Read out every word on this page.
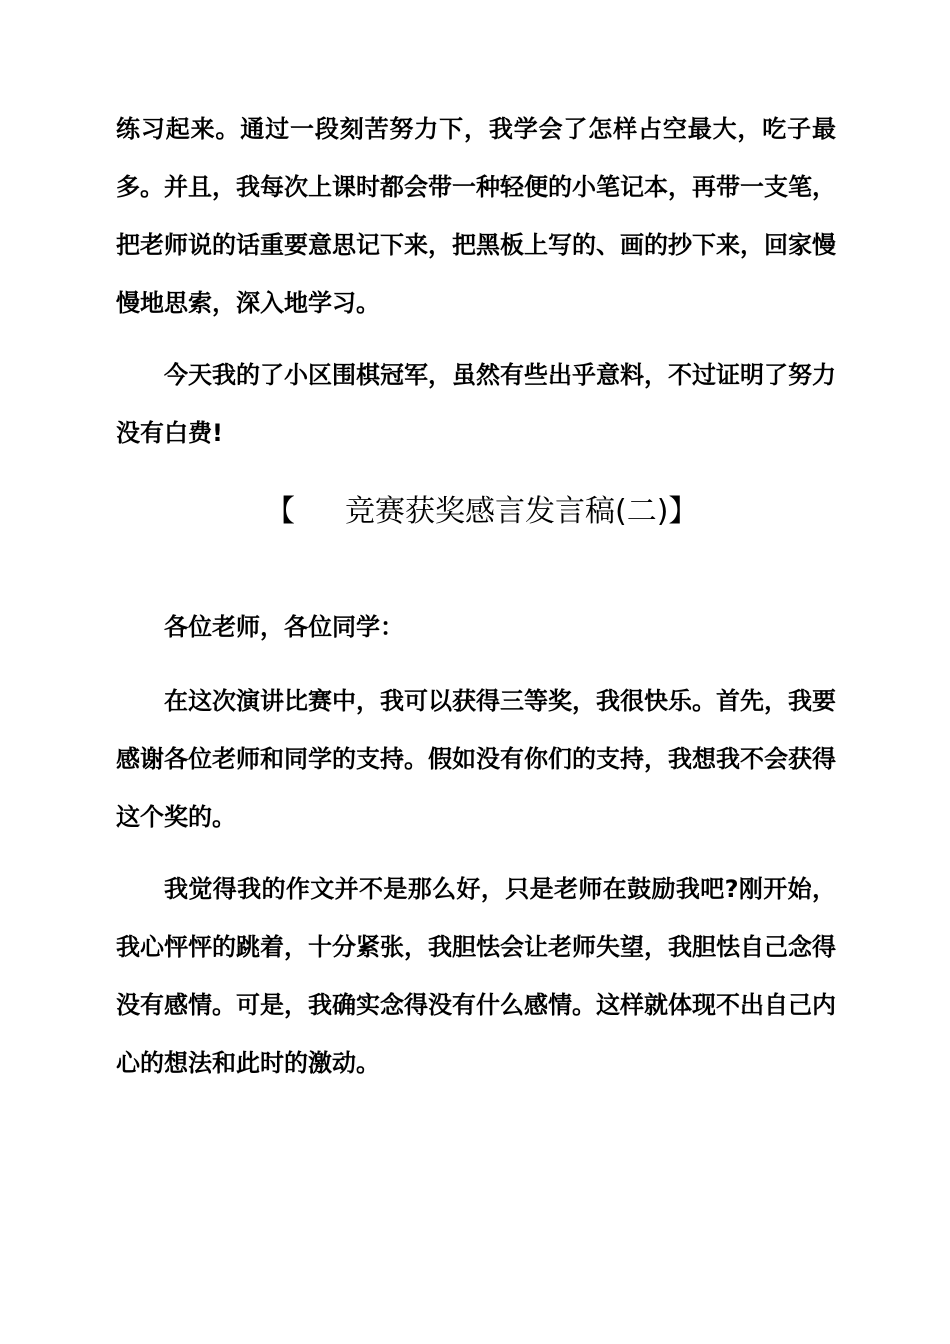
练习起来。通过一段刻苦努力下，我学会了怎样占空最大，吃子最多。并且，我每次上课时都会带一种轻便的小笔记本，再带一支笔，把老师说的话重要意思记下来，把黑板上写的、画的抄下来，回家慢慢地思索，深入地学习。

今天我的了小区围棋冠军，虽然有些出乎意料，不过证明了努力没有白费!

【 竞赛获奖感言发言稿(二)】

各位老师，各位同学：

在这次演讲比赛中，我可以获得三等奖，我很快乐。首先，我要感谢各位老师和同学的支持。假如没有你们的支持，我想我不会获得这个奖的。

我觉得我的作文并不是那么好，只是老师在鼓励我吧?刚开始，我心怦怦的跳着，十分紧张，我胆怯会让老师失望，我胆怯自己念得没有感情。可是，我确实念得没有什么感情。这样就体现不出自己内心的想法和此时的激动。
